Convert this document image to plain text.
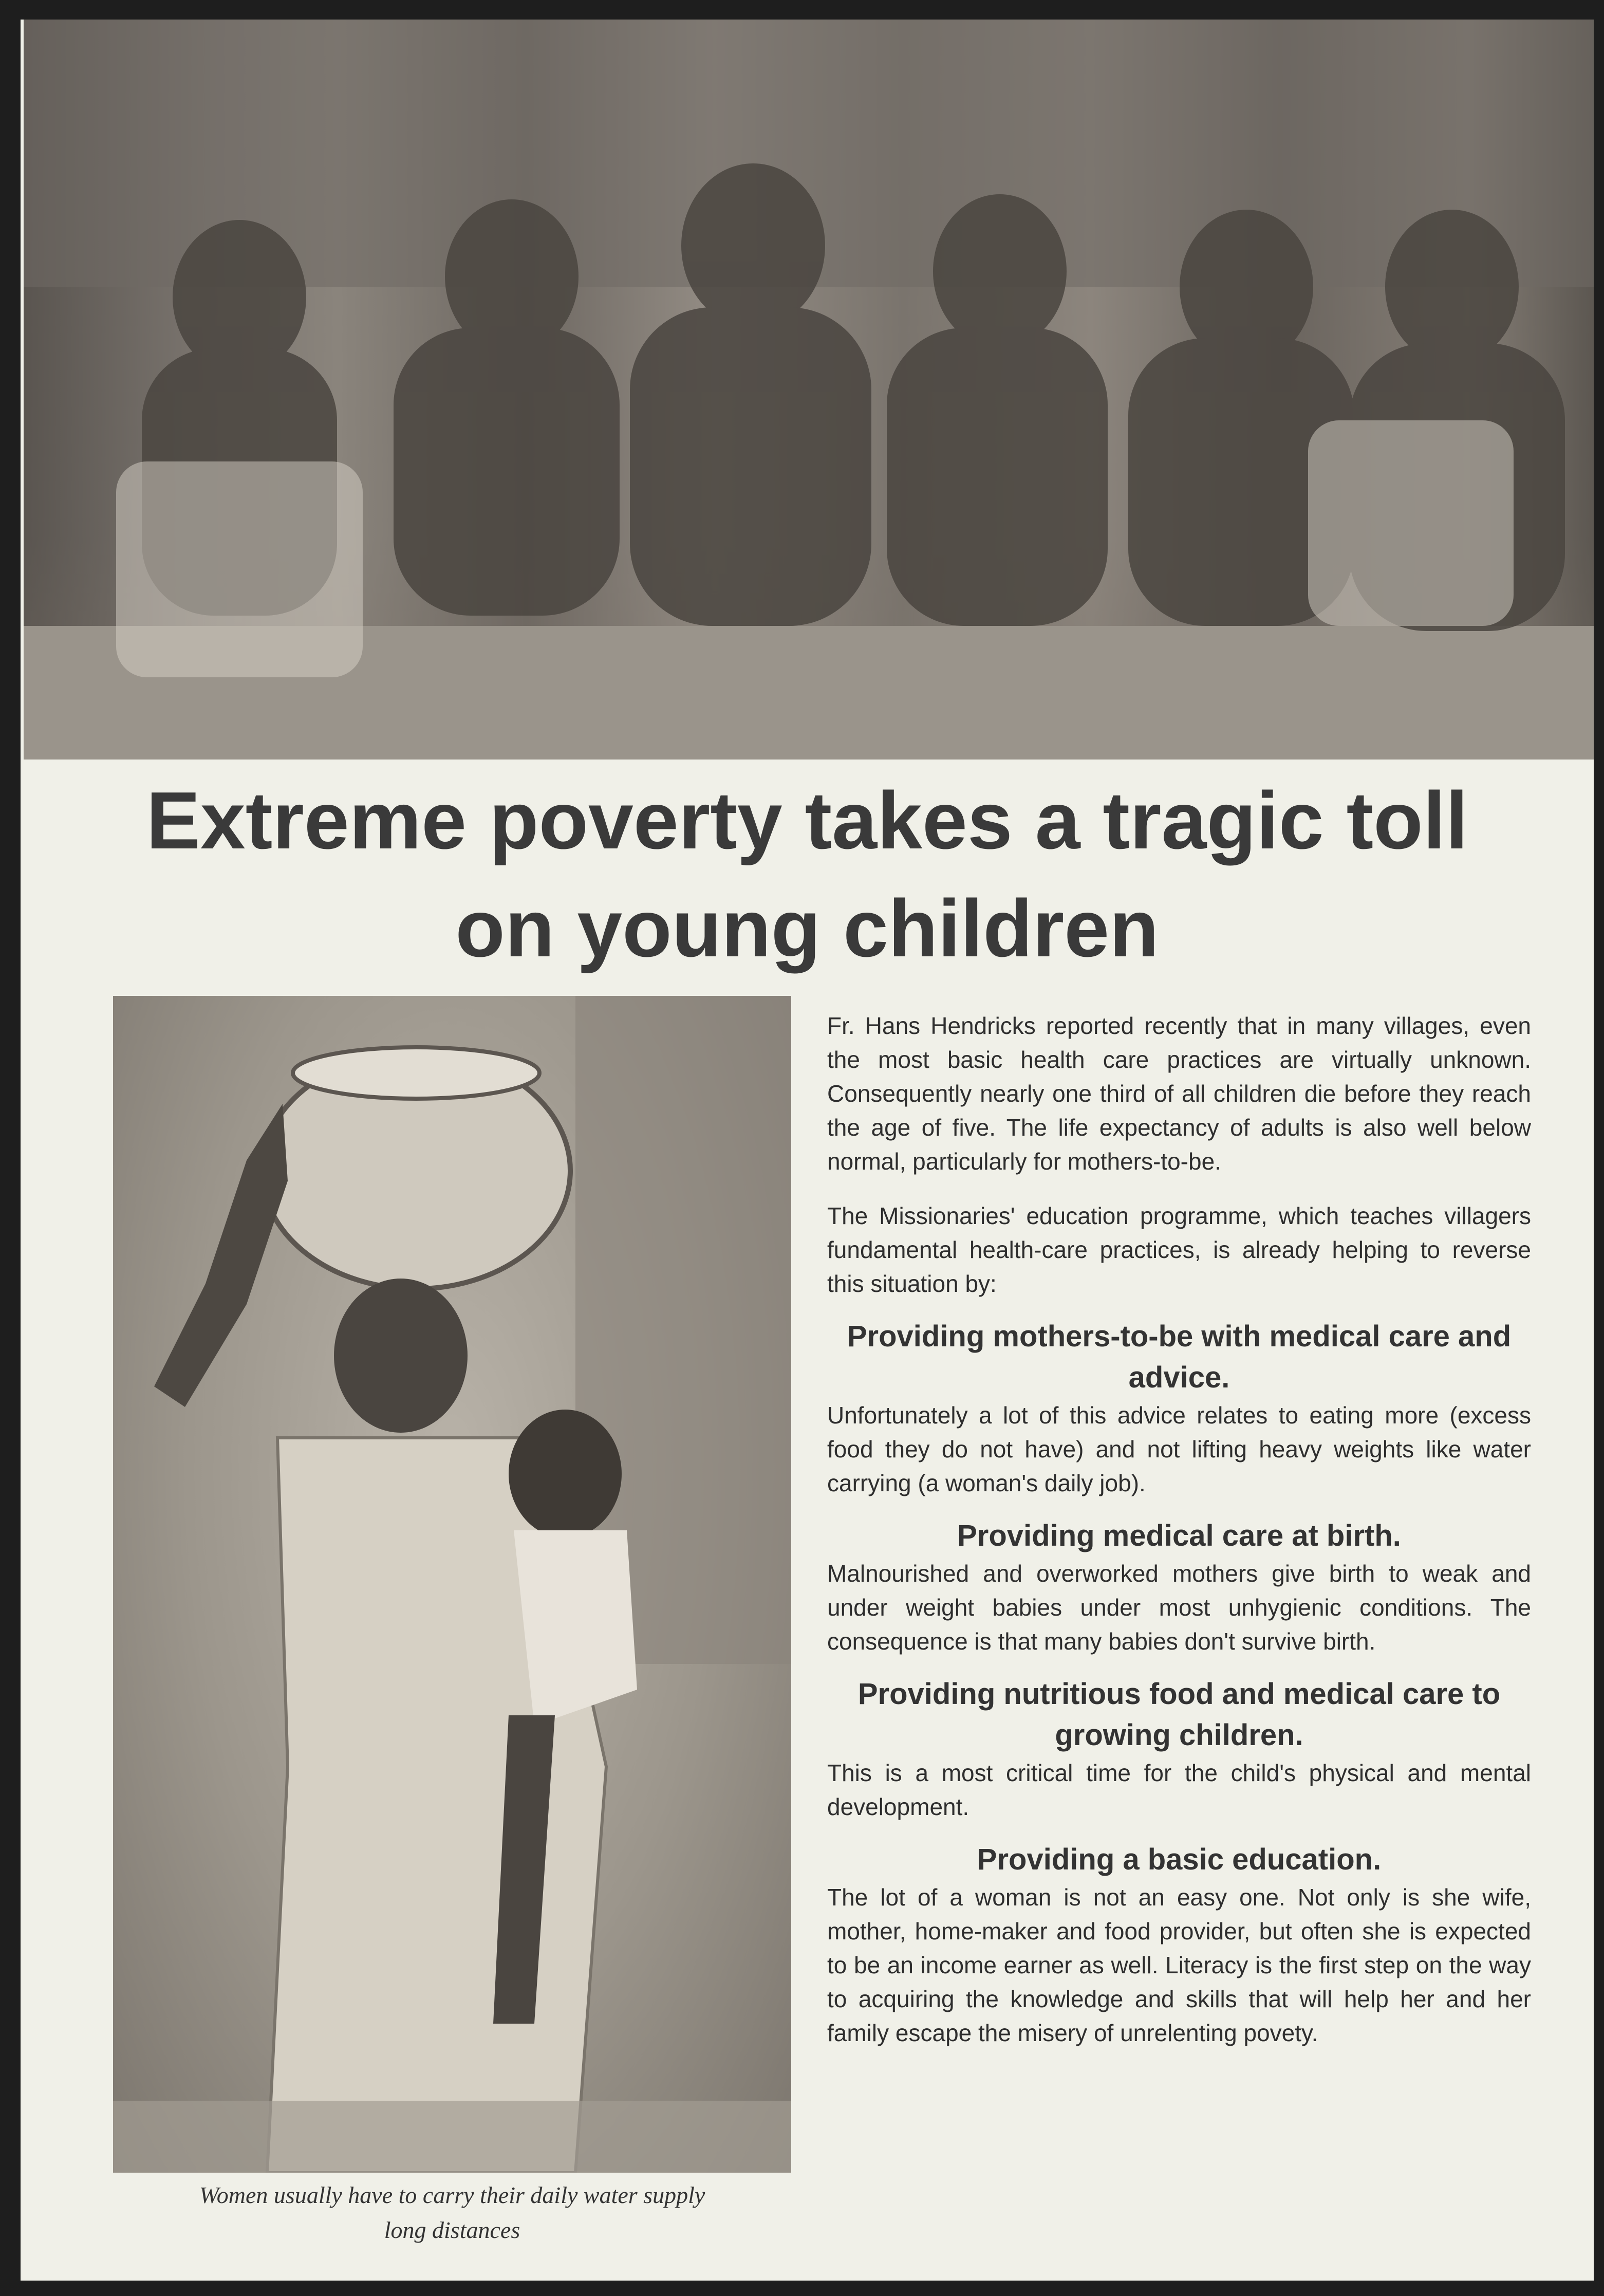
Extreme poverty takes a tragic toll
on young children
Women usually have to carry their daily water supply
long distances

Fr. Hans Hendricks reported recently that in many villages, even the most basic health care practices are virtually unknown. Consequently nearly one third of all children die before they reach the age of five. The life expectancy of adults is also well below normal, particularly for mothers-to-be.

The Missionaries' education programme, which teaches villagers fundamental health-care practices, is already helping to reverse this situation by:

Providing mothers-to-be with medical care and advice.

Unfortunately a lot of this advice relates to eating more (excess food they do not have) and not lifting heavy weights like water carrying (a woman's daily job).

Providing medical care at birth.

Malnourished and overworked mothers give birth to weak and under weight babies under most unhygienic conditions. The consequence is that many babies don't survive birth.

Providing nutritious food and medical care to growing children.

This is a most critical time for the child's physical and mental development.

Providing a basic education.

The lot of a woman is not an easy one. Not only is she wife, mother, home-maker and food provider, but often she is expected to be an income earner as well. Literacy is the first step on the way to acquiring the knowledge and skills that will help her and her family escape the misery of unrelenting povety.
